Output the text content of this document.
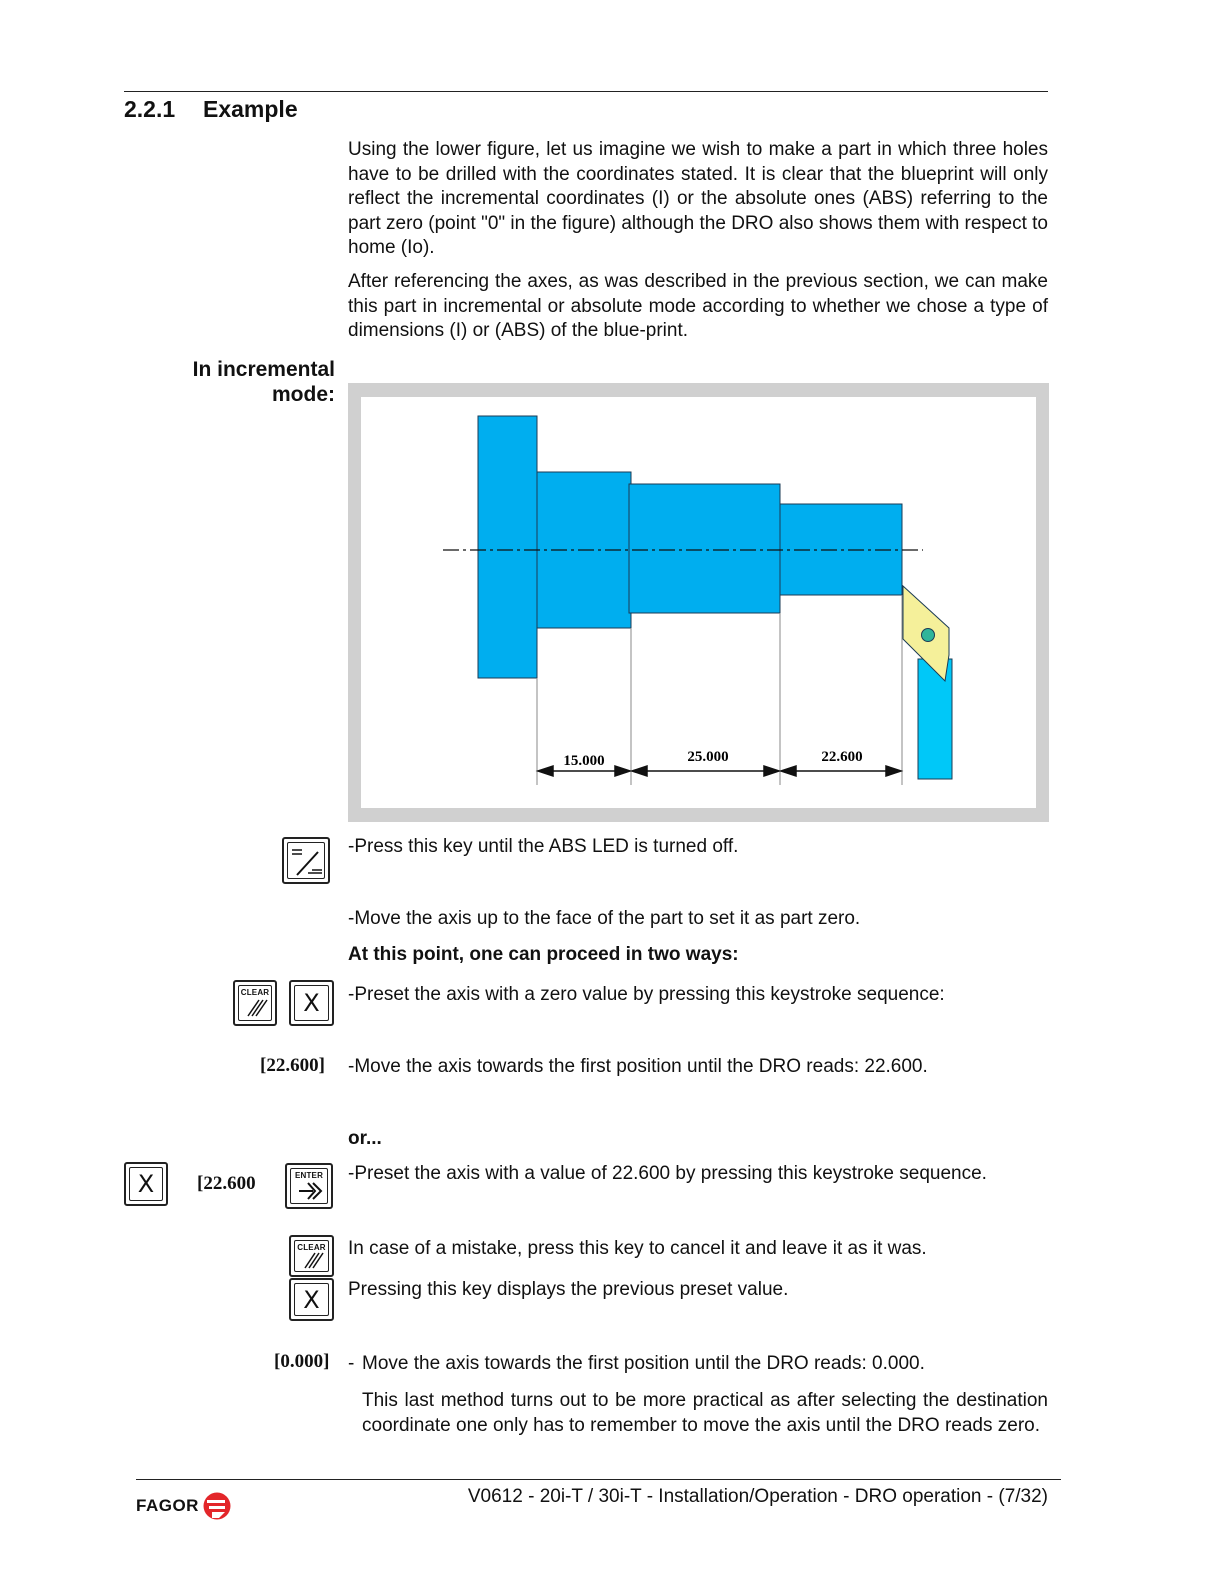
2.2.1 Example
Using the lower figure, let us imagine we wish to make a part in which three holes have to be drilled with the coordinates stated. It is clear that the blueprint will only reflect the incremental coordinates (I) or the absolute ones (ABS) referring to the part zero (point "0" in the figure) although the DRO also shows them with respect to home (Io).
After referencing the axes, as was described in the previous section, we can make this part in incremental or absolute mode according to whether we chose a type of dimensions (I) or (ABS) of the blue-print.
In incremental
mode:
15.000	25.000	22.600
-Press this key until the ABS LED is turned off.
-Move the axis up to the face of the part to set it as part zero.
At this point, one can proceed in two ways:
CLEAR	X	-Preset the axis with a zero value by pressing this keystroke sequence:
[22.600] -Move the axis towards the first position until the DRO reads: 22.600.
or...
X	[22.600	ENTER -Preset the axis with a value of 22.600 by pressing this keystroke sequence.
CLEAR
X
In case of a mistake, press this key to cancel it and leave it as it was.
Pressing this key displays the previous preset value.
[0.000] - Move the axis towards the first position until the DRO reads: 0.000.
This last method turns out to be more practical as after selecting the destination coordinate one only has to remember to move the axis until the DRO reads zero.
FAGOR	V0612 - 20i-T / 30i-T - Installation/Operation - DRO operation - (7/32)
